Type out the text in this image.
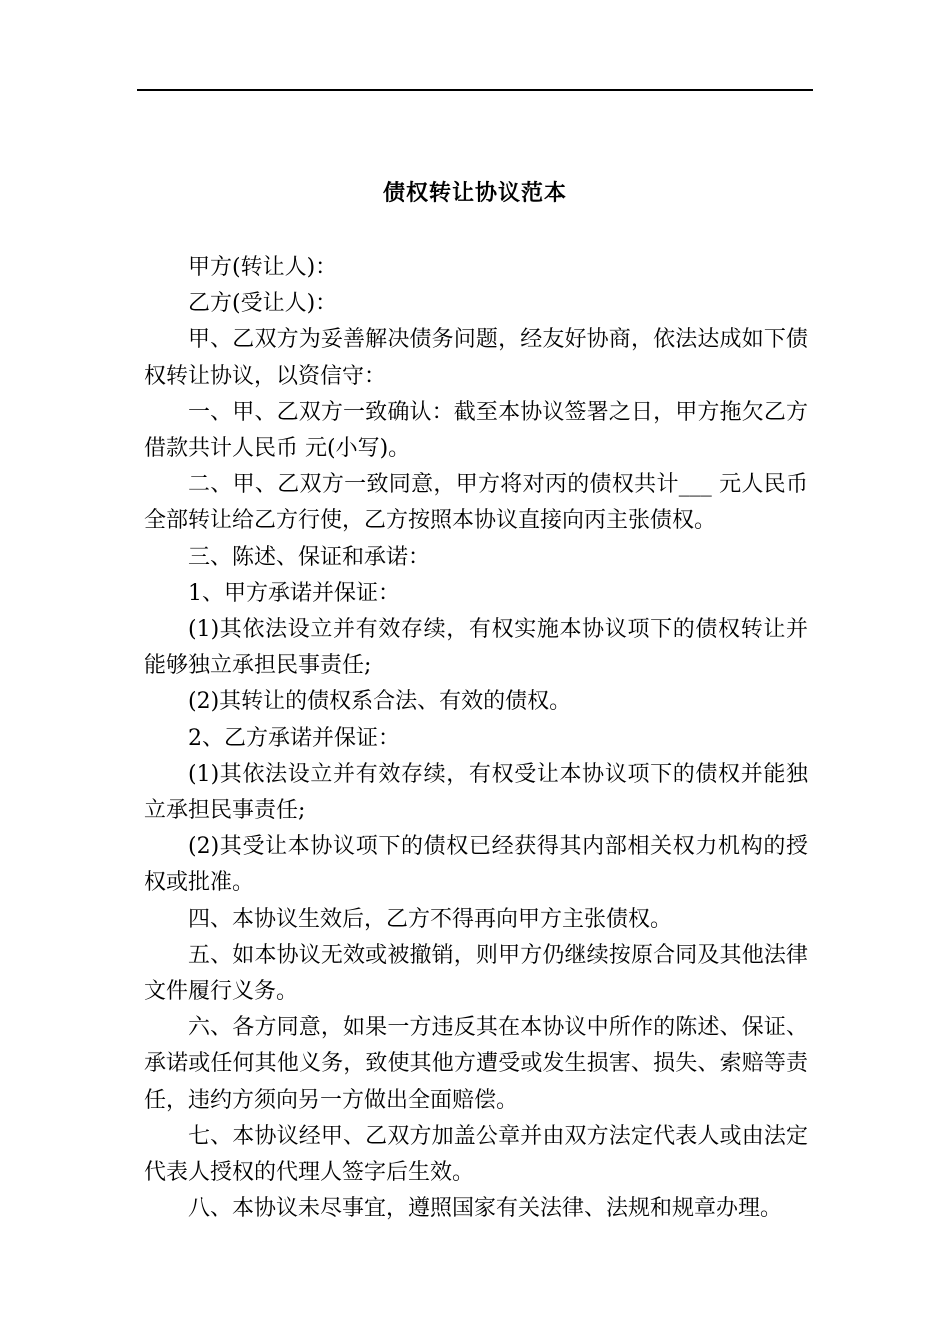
债权转让协议范本

甲方(转让人)：

乙方(受让人)：

甲、乙双方为妥善解决债务问题，经友好协商，依法达成如下债权转让协议，以资信守：

一、甲、乙双方一致确认：截至本协议签署之日，甲方拖欠乙方借款共计人民币 元(小写)。

二、甲、乙双方一致同意，甲方将对丙的债权共计___ 元人民币全部转让给乙方行使，乙方按照本协议直接向丙主张债权。

三、陈述、保证和承诺：

1、甲方承诺并保证：

(1)其依法设立并有效存续，有权实施本协议项下的债权转让并能够独立承担民事责任;

(2)其转让的债权系合法、有效的债权。

2、乙方承诺并保证：

(1)其依法设立并有效存续，有权受让本协议项下的债权并能独立承担民事责任;

(2)其受让本协议项下的债权已经获得其内部相关权力机构的授权或批准。

四、本协议生效后，乙方不得再向甲方主张债权。

五、如本协议无效或被撤销，则甲方仍继续按原合同及其他法律文件履行义务。

六、各方同意，如果一方违反其在本协议中所作的陈述、保证、承诺或任何其他义务，致使其他方遭受或发生损害、损失、索赔等责任，违约方须向另一方做出全面赔偿。

七、本协议经甲、乙双方加盖公章并由双方法定代表人或由法定代表人授权的代理人签字后生效。

八、本协议未尽事宜，遵照国家有关法律、法规和规章办理。
